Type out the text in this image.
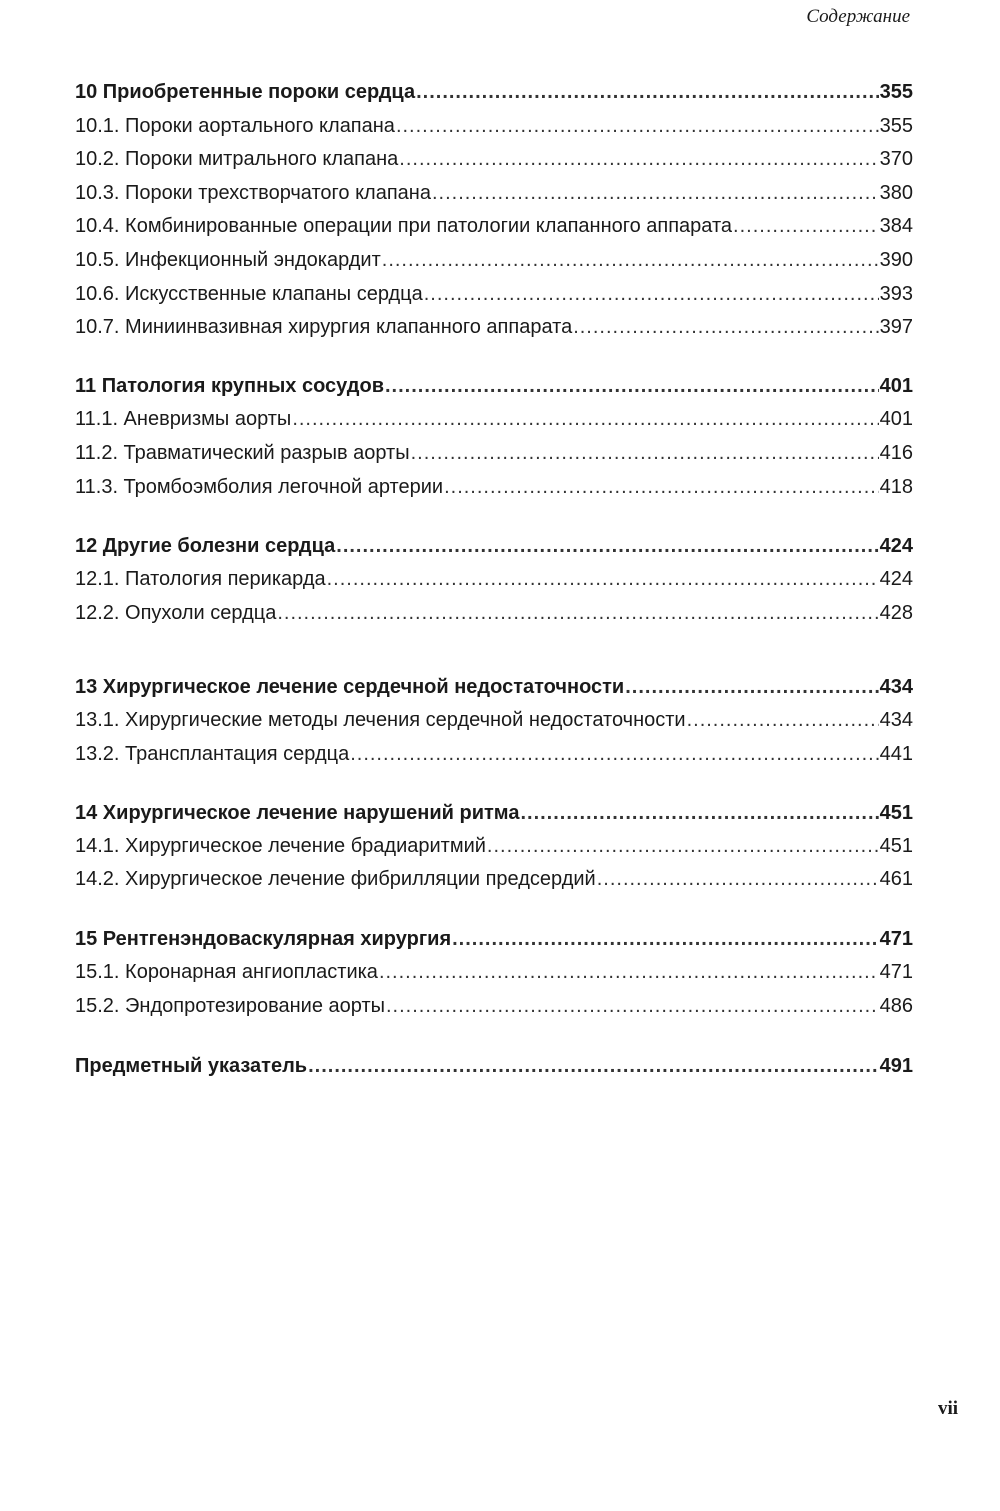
Содержание
10 Приобретенные пороки сердца .....	355
10.1. Пороки аортального клапана .....	355
10.2. Пороки митрального клапана .....	370
10.3. Пороки трехстворчатого клапана .....	380
10.4. Комбинированные операции при патологии клапанного аппарата .....	384
10.5. Инфекционный эндокардит .....	390
10.6. Искусственные клапаны сердца .....	393
10.7. Миниинвазивная хирургия клапанного аппарата .....	397
11 Патология крупных сосудов .....	401
11.1. Аневризмы аорты .....	401
11.2. Травматический разрыв аорты .....	416
11.3. Тромбоэмболия легочной артерии .....	418
12 Другие болезни сердца .....	424
12.1. Патология перикарда .....	424
12.2. Опухоли сердца .....	428
13 Хирургическое лечение сердечной недостаточности .....	434
13.1. Хирургические методы лечения сердечной недостаточности .....	434
13.2. Трансплантация сердца .....	441
14 Хирургическое лечение нарушений ритма .....	451
14.1. Хирургическое лечение брадиаритмий .....	451
14.2. Хирургическое лечение фибрилляции предсердий .....	461
15 Рентгенэндоваскулярная хирургия .....	471
15.1. Коронарная ангиопластика .....	471
15.2. Эндопротезирование аорты .....	486
Предметный указатель .....	491
vii
